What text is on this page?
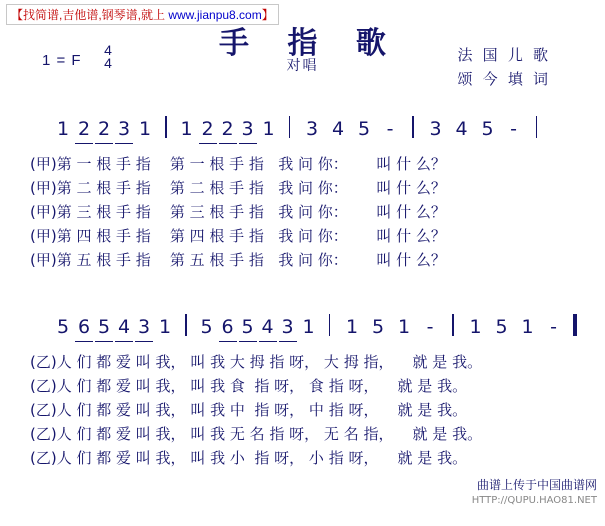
【找简谱,吉他谱,钢琴谱,就上 www.jianpu8.com】
手 指 歌
对唱
法 国 儿 歌
颂 今 填 词
1 = F
4
4
1 2 2 3 1 1 2 2 3 1	3 4 5 -	3 4 5 -
(甲)第 一 根 手 指    第 一 根 手 指   我 问 你：      叫 什 么？
(甲)第 二 根 手 指    第 二 根 手 指   我 问 你：      叫 什 么？
(甲)第 三 根 手 指    第 三 根 手 指   我 问 你：      叫 什 么？
(甲)第 四 根 手 指    第 四 根 手 指   我 问 你：      叫 什 么？
(甲)第 五 根 手 指    第 五 根 手 指   我 问 你：      叫 什 么？
5 6 5 4 3 1 5 6 5 4 3 1	1 5 1 -	1 5 1 -
(乙)人 们 都 爱 叫 我， 叫 我 大 拇 指 呀， 大 拇 指，    就 是 我。
(乙)人 们 都 爱 叫 我， 叫 我 食  指 呀， 食 指 呀，    就 是 我。
(乙)人 们 都 爱 叫 我， 叫 我 中  指 呀， 中 指 呀，    就 是 我。
(乙)人 们 都 爱 叫 我， 叫 我 无 名 指 呀， 无 名 指，    就 是 我。
(乙)人 们 都 爱 叫 我， 叫 我 小  指 呀， 小 指 呀，    就 是 我。
曲谱上传于中国曲谱网
HTTP://QUPU.HAO81.NET
